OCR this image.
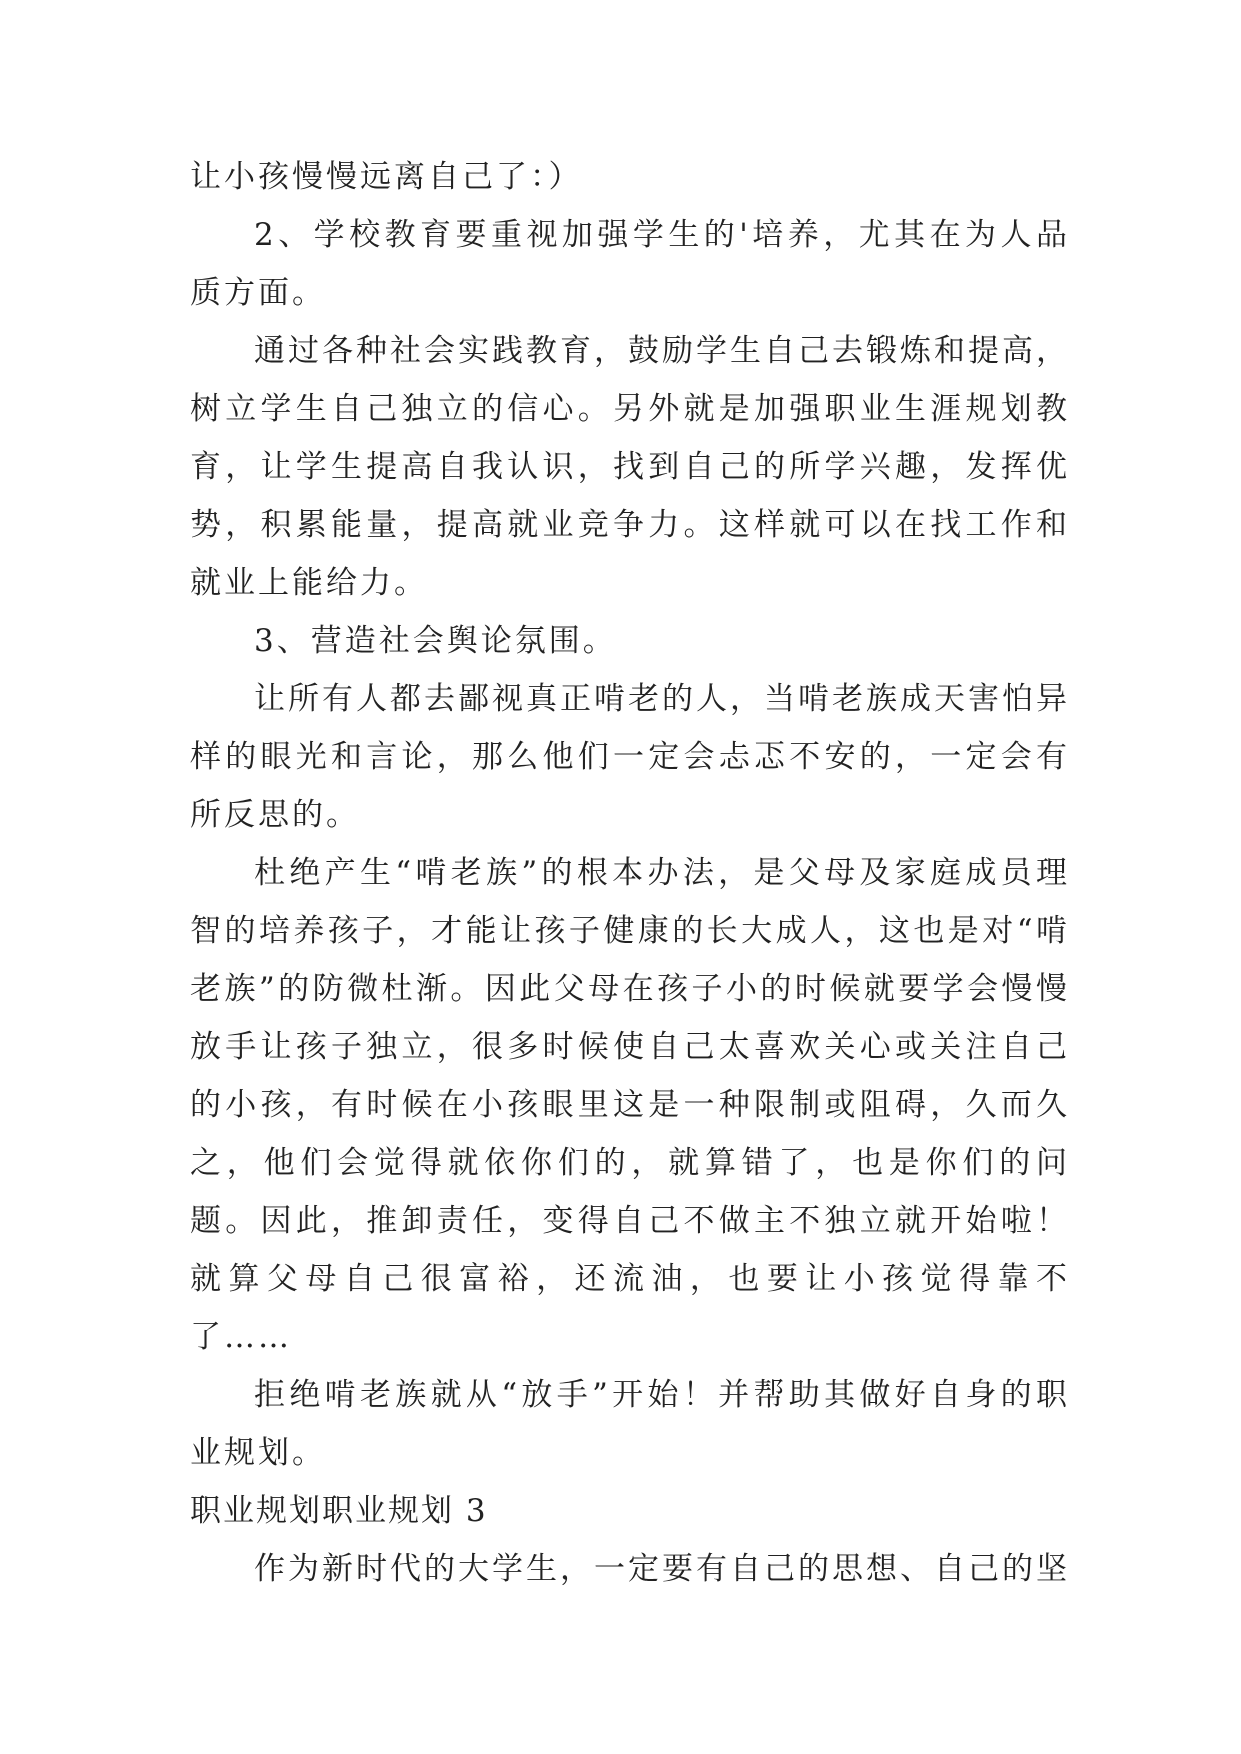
让小孩慢慢远离自己了：）

2、学校教育要重视加强学生的'培养，尤其在为人品质方面。

通过各种社会实践教育，鼓励学生自己去锻炼和提高，树立学生自己独立的信心。另外就是加强职业生涯规划教育，让学生提高自我认识，找到自己的所学兴趣，发挥优势，积累能量，提高就业竞争力。这样就可以在找工作和就业上能给力。

3、营造社会舆论氛围。

让所有人都去鄙视真正啃老的人，当啃老族成天害怕异样的眼光和言论，那么他们一定会忐忑不安的，一定会有所反思的。

杜绝产生“啃老族”的根本办法，是父母及家庭成员理智的培养孩子，才能让孩子健康的长大成人，这也是对“啃老族”的防微杜渐。因此父母在孩子小的时候就要学会慢慢放手让孩子独立，很多时候使自己太喜欢关心或关注自己的小孩，有时候在小孩眼里这是一种限制或阻碍，久而久之，他们会觉得就依你们的，就算错了，也是你们的问题。因此，推卸责任，变得自己不做主不独立就开始啦！就算父母自己很富裕，还流油，也要让小孩觉得靠不了……

拒绝啃老族就从“放手”开始！并帮助其做好自身的职业规划。

职业规划职业规划 3

作为新时代的大学生，一定要有自己的思想、自己的坚
